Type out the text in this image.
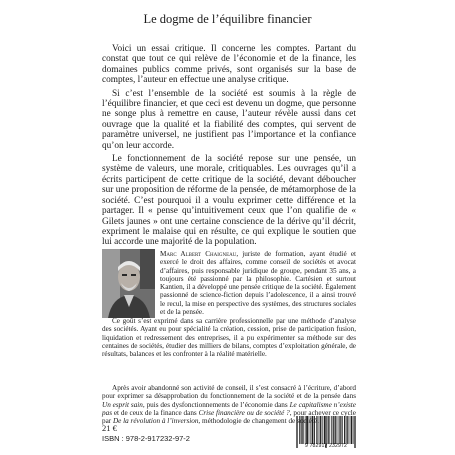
Le dogme de l’équilibre financier

Voici un essai critique. Il concerne les comptes. Partant du constat que tout ce qui relève de l’économie et de la finance, les domaines publics comme privés, sont organisés sur la base de comptes, l’auteur en effectue une analyse critique.

Si c’est l’ensemble de la société est soumis à la règle de l’équilibre financier, et que ceci est devenu un dogme, que personne ne songe plus à remettre en cause, l’auteur révèle aussi dans cet ouvrage que la qualité et la fiabilité des comptes, qui servent de paramètre universel, ne justifient pas l’importance et la confiance qu’on leur accorde.

Le fonctionnement de la société repose sur une pensée, un système de valeurs, une morale, critiquables. Les ouvrages qu’il a écrits participent de cette critique de la société, devant déboucher sur une proposition de réforme de la pensée, de métamorphose de la société. C’est pourquoi il a voulu exprimer cette différence et la partager. Il « pense qu’intuitivement ceux que l’on qualifie de « Gilets jaunes » ont une certaine conscience de la dérive qu’il décrit, expriment le malaise qui en résulte, ce qui explique le soutien que lui accorde une majorité de la population.

Marc Albert Chaigneau, juriste de formation, ayant étudié et exercé le droit des affaires, comme conseil de sociétés et avocat d’affaires, puis responsable juridique de groupe, pendant 35 ans, a toujours été passionné par la philosophie. Cartésien et surtout Kantien, il a développé une pensée critique de la société. Également passionné de science-fiction depuis l’adolescence, il a ainsi trouvé le recul, la mise en perspective des systèmes, des structures sociales et de la pensée.

Ce goût s’est exprimé dans sa carrière professionnelle par une méthode d’analyse des sociétés. Ayant eu pour spécialité la création, cession, prise de participation fusion, liquidation et redressement des entreprises, il a pu expérimenter sa méthode sur des centaines de sociétés, étudier des milliers de bilans, comptes d’exploitation générale, de résultats, balances et les confronter à la réalité matérielle.

Après avoir abandonné son activité de conseil, il s’est consacré à l’écriture, d’abord pour exprimer sa désapprobation du fonctionnement de la société et de la pensée dans Un esprit sain, puis des dysfonctionnements de l’économie dans Le capitalisme n’existe pas et de ceux de la finance dans Crise financière ou de société ?, pour achever ce cycle par De la révolution à l’inversion, méthodologie de changement de société.

21 €
ISBN : 978-2-917232-97-2
9 782917 232972
